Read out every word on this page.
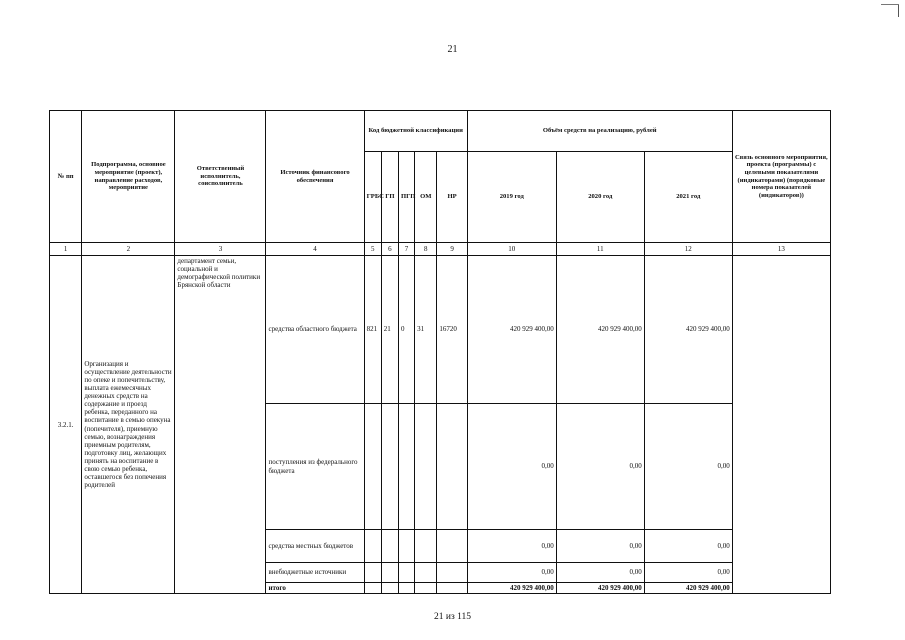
21
№ пп	Подпрограмма, основное мероприятие (проект), направление расходов, мероприятие	Ответственный исполнитель, соисполнитель	Источник финансового обеспечения	Код бюджетной классификации					Объём средств на реализацию, рублей			Связь основного мероприятия, проекта (программы) с целевыми показателями (индикаторами) (порядковые номера показателей (индикаторов))
				ГРБС	ГП	ПГП	ОМ	НР	2019 год	2020 год	2021 год	
1	2	3	4	5	6	7	8	9	10	11	12	13
3.2.1.	Организация и осуществление деятельности по опеке и попечительству, выплата ежемесячных денежных средств на содержание и проезд ребенка, переданного на воспитание в семью опекуна (попечителя), приемную семью, вознаграждения приемным родителям, подготовку лиц, желающих принять на воспитание в свою семью ребенка, оставшегося без попечения родителей	департамент семьи, социальной и демографической политики Брянской области	средства областного бюджета	821	21	0	31	16720	420 929 400,00	420 929 400,00	420 929 400,00	
			поступления из федерального бюджета						0,00	0,00	0,00	
			средства местных бюджетов						0,00	0,00	0,00	
			внебюджетные источники						0,00	0,00	0,00	
			итого						420 929 400,00	420 929 400,00	420 929 400,00	
21 из 115
